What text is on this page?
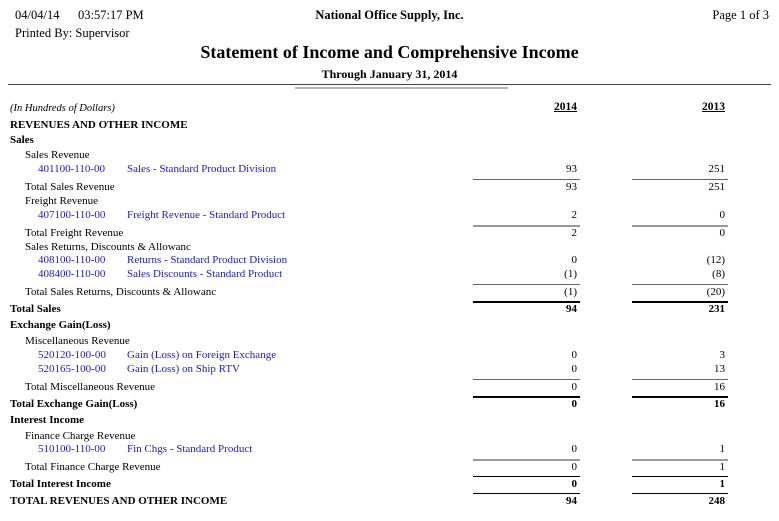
04/04/14 03:57:17 PM	National Office Supply, Inc.	Page 1 of 3
Printed By: Supervisor
Statement of Income and Comprehensive Income
Through January 31, 2014
(In Hundreds of Dollars)	2014	2013
REVENUES AND OTHER INCOME
Sales
Sales Revenue
401100-110-00 Sales - Standard Product Division	93	251
Total Sales Revenue	93	251
Freight Revenue
407100-110-00 Freight Revenue - Standard Product	2	0
Total Freight Revenue	2	0
Sales Returns, Discounts & Allowanc
408100-110-00 Returns - Standard Product Division	0	(12)
408400-110-00 Sales Discounts - Standard Product	(1)	(8)
Total Sales Returns, Discounts & Allowanc	(1)	(20)
Total Sales	94	231
Exchange Gain(Loss)
Miscellaneous Revenue
520120-100-00 Gain (Loss) on Foreign Exchange	0	3
520165-100-00 Gain (Loss) on Ship RTV	0	13
Total Miscellaneous Revenue	0	16
Total Exchange Gain(Loss)	0	16
Interest Income
Finance Charge Revenue
510100-110-00 Fin Chgs - Standard Product	0	1
Total Finance Charge Revenue	0	1
Total Interest Income	0	1
TOTAL REVENUES AND OTHER INCOME	94	248
